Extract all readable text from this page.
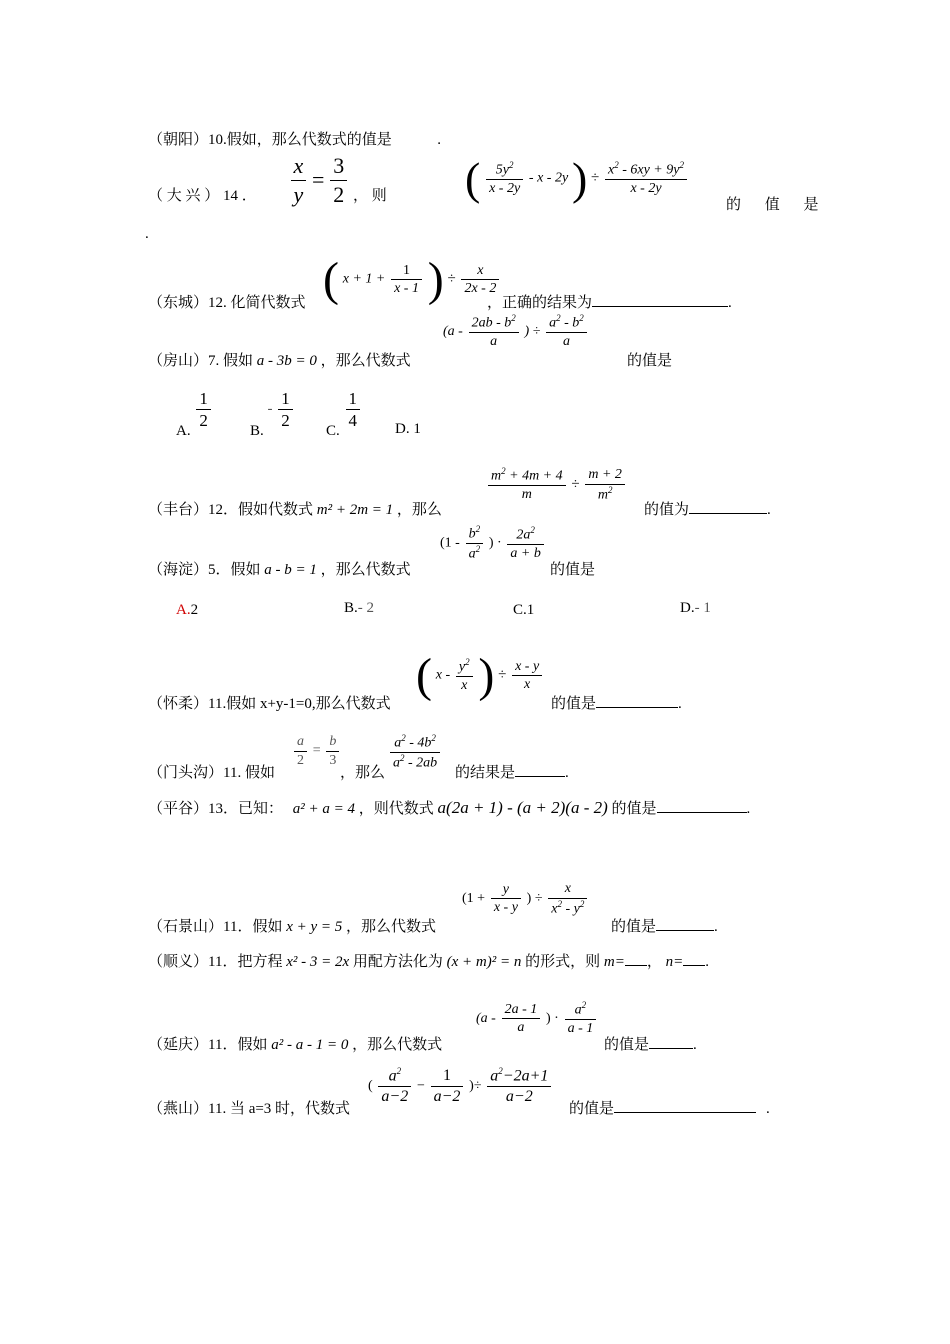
（朝阳）10.假如，那么代数式的值是	.
（ 大 兴 ） 14 ． $\frac{x}{y} = \frac{3}{2}$ ， 则 ( $\frac{5y^2}{x - 2y}$ - x - 2y ) ÷ $\frac{x^2 - 6xy + 9y^2}{x - 2y}$
的 值 是
.
( $x + 1 + \frac{1}{x - 1}$ ) ÷ $\frac{x}{2x - 2}$
（东城）12. 化简代数式	，正确的结果为	.
（房山）7. 假如 a - 3b = 0 ，那么代数式
($a - \frac{2ab - b^2}{a}$ ) ÷ $\frac{a^2 - b^2}{a}$
的值是
A. $\frac{1}{2}$	B. - $\frac{1}{2} C$. $\frac{1}{4} D$. 1
（丰台）12．假如代数式 m² + 2m = 1 ，那么
$\frac{m^2 + 4m + 4}{m} \div \frac{m + 2}{m^2}$
的值为	.
（海淀）5．假如 a - b = 1 ，那么代数式
($1 - \frac{b^2}{a^2}$ ) · $\frac{2a^2}{a + b}$
的值是
A.2	B.- 2	C.1	D.- 1
( x - $\frac{y^2}{x}$ ) ÷ $\frac{x - y}{x}$
（怀柔）11.假如 x+y-1=0,那么代数式	的值是	.
（门头沟）11. 假如
$\frac{a}{2} = \frac{b}{3}$
，那么
$\frac{a^2 - 4b^2}{a^2 - 2ab}$
的结果是	.
（平谷）13．已知： a² + a = 4 ，则代数式 a(2a + 1) - (a + 2)(a - 2) 的值是	.
（石景山）11．假如 x + y = 5 ，那么代数式
($1 + \frac{y}{x - y}$ ) ÷ $\frac{x}{x^2 - y^2}$
的值是	.
（顺义）11．把方程 x² - 3 = 2x 用配方法化为 (x + m)² = n 的形式，则 m= ， n= .
（延庆）11．假如 a² - a - 1 = 0 ，那么代数式
($a - \frac{2a - 1}{a}$ ) · $\frac{a^2}{a - 1}$
的值是	.
（燕山）11. 当 a=3 时，代数式
( $\frac{a^2}{a-2} - \frac{1}{a-2}$ )÷ $\frac{a^2-2a+1}{a-2}$
的值是	.
